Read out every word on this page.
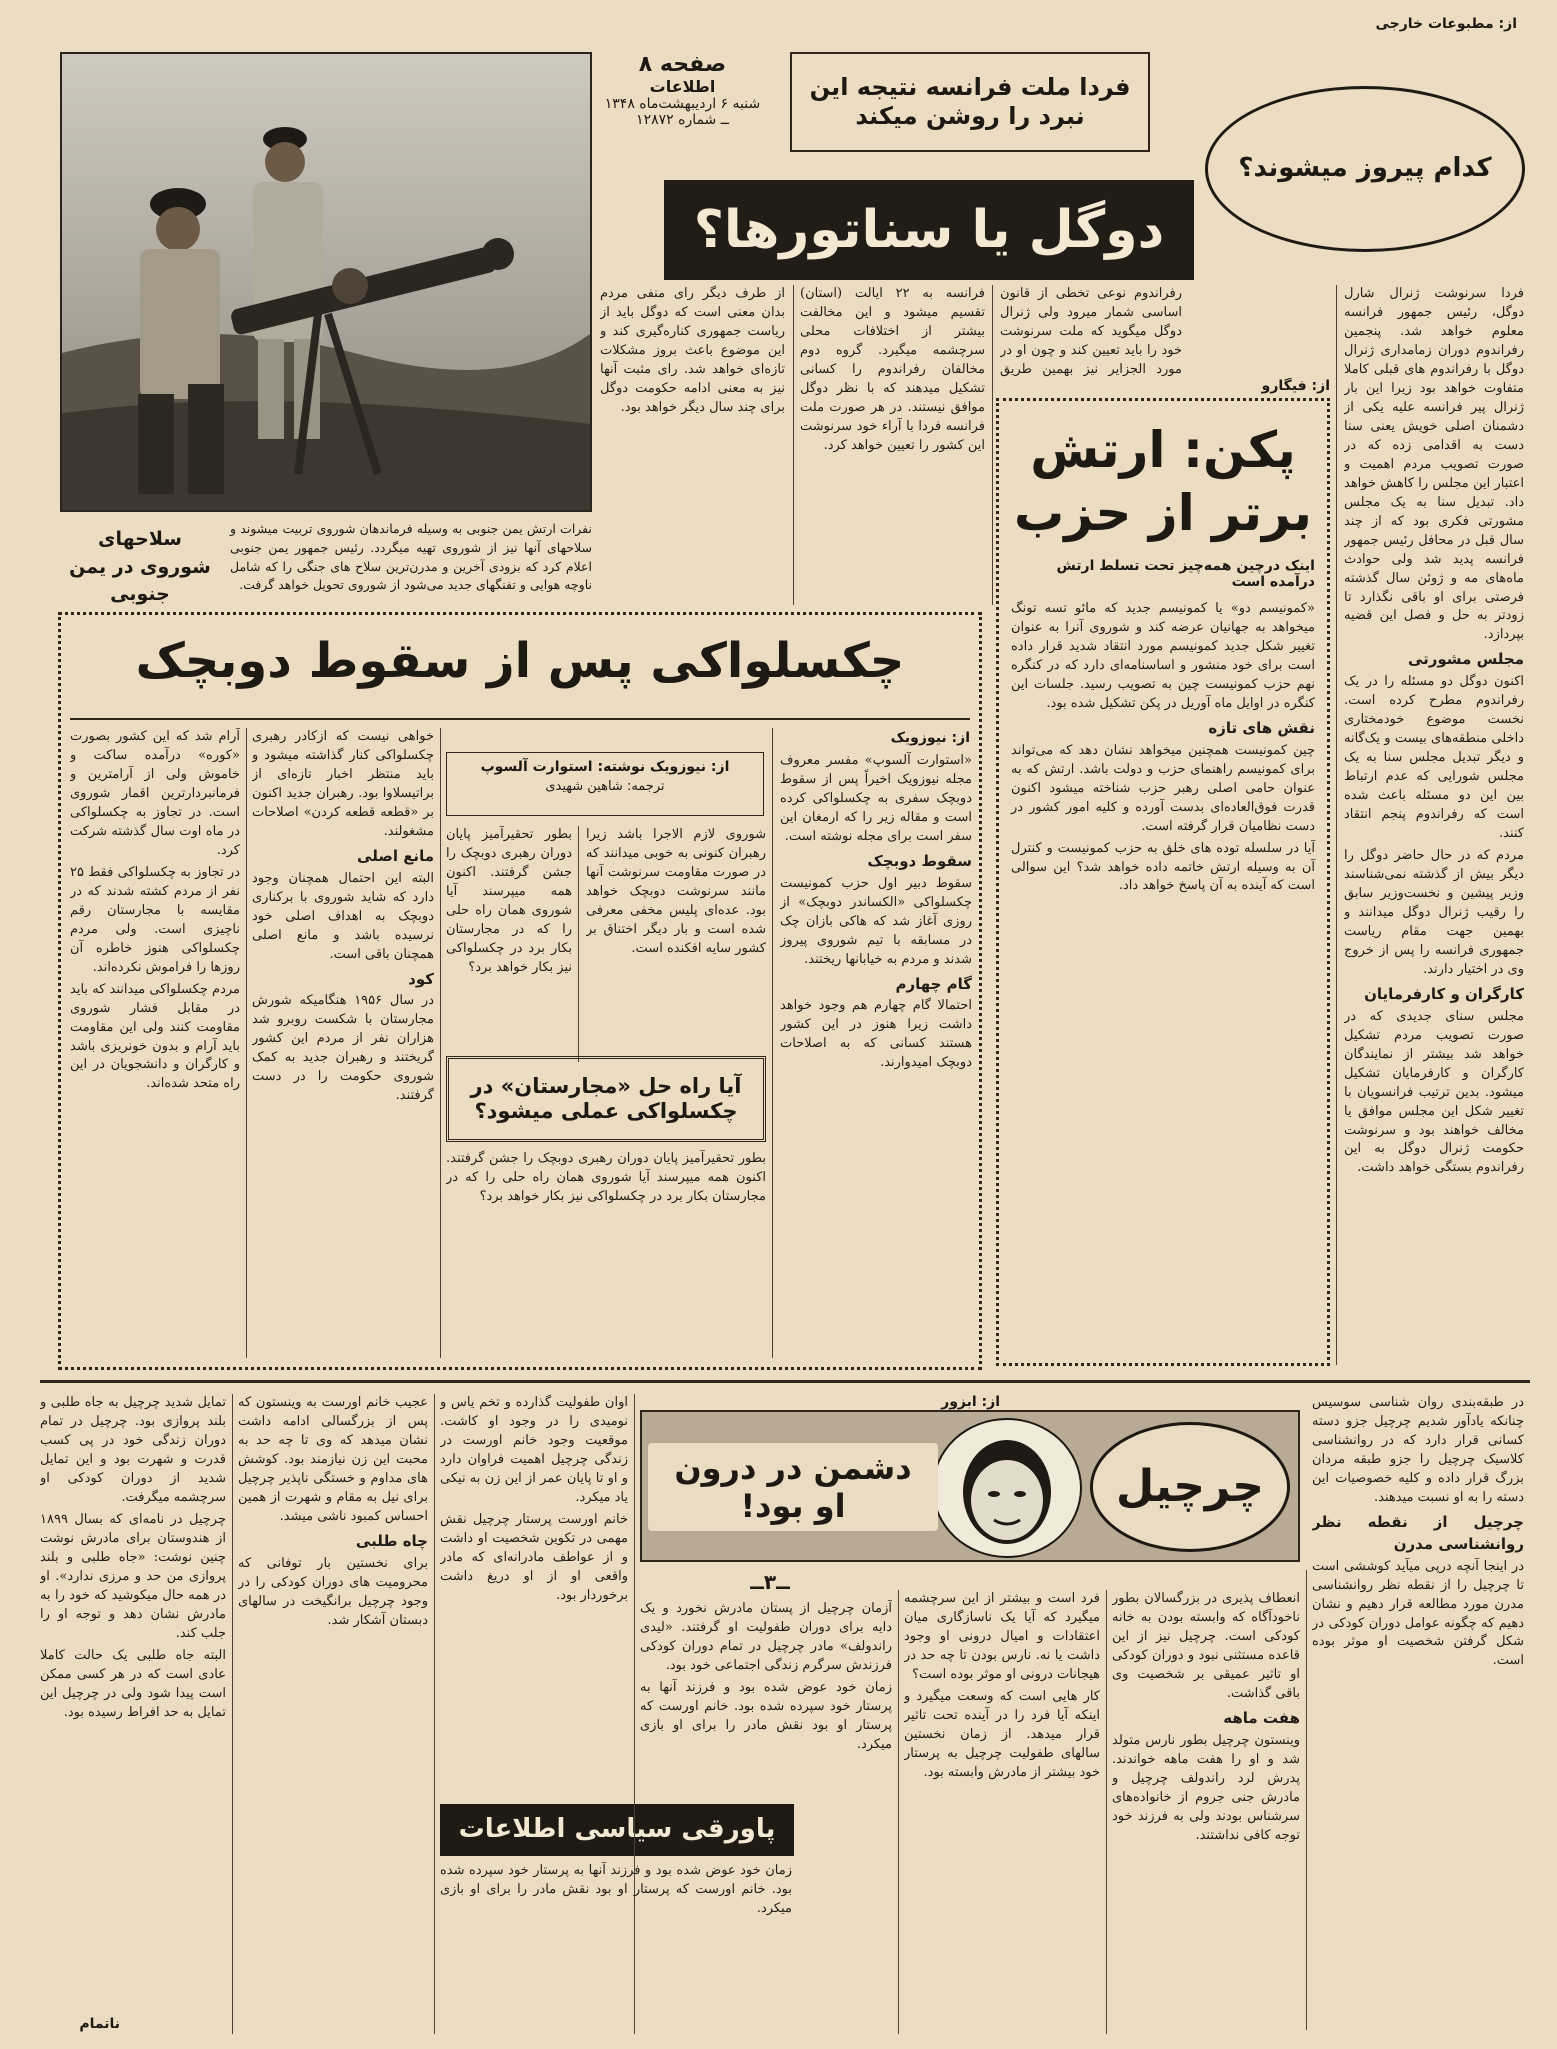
از: مطبوعات خارجی
صفحه ۸
اطلاعات
شنبه ۶ اردیبهشت‌ماه ۱۳۴۸
ــ شماره ۱۲۸۷۲
سلاحهای شوروی در یمن جنوبی
نفرات ارتش یمن جنوبی به وسیله فرماندهان شوروی تربیت میشوند و سلاحهای آنها نیز از شوروی تهیه میگردد. رئیس جمهور یمن جنوبی اعلام کرد که بزودی آخرین و مدرن‌ترین سلاح های جنگی را که شامل ناوچه هوایی و تفنگهای جدید می‌شود از شوروی تحویل خواهد گرفت.
فردا ملت فرانسه نتیجه این نبرد را روشن میکند
کدام پیروز میشوند؟
دوگل یا سناتورها؟

از طرف دیگر رای منفی مردم بدان معنی است که دوگل باید از ریاست جمهوری کناره‌گیری کند و این موضوع باعث بروز مشکلات تازه‌ای خواهد شد. رای مثبت آنها نیز به معنی ادامه حکومت دوگل برای چند سال دیگر خواهد بود.

فرانسه به ۲۲ ایالت (استان) تقسیم میشود و این مخالفت بیشتر از اختلافات محلی سرچشمه میگیرد. گروه دوم مخالفان رفراندوم را کسانی تشکیل میدهند که با نظر دوگل موافق نیستند. در هر صورت ملت فرانسه فردا با آراء خود سرنوشت این کشور را تعیین خواهد کرد.

رفراندوم نوعی تخطی از قانون اساسی شمار میرود ولی ژنرال دوگل میگوید که ملت سرنوشت خود را باید تعیین کند و چون او در مورد الجزایر نیز بهمین طریق

فردا سرنوشت ژنرال شارل دوگل، رئیس جمهور فرانسه معلوم خواهد شد. پنجمین رفراندوم دوران زمامداری ژنرال دوگل با رفراندوم های قبلی کاملا متفاوت خواهد بود زیرا این بار ژنرال پیر فرانسه علیه یکی از دشمنان اصلی خویش یعنی سنا دست به اقدامی زده که در صورت تصویب مردم اهمیت و اعتبار این مجلس را کاهش خواهد داد. تبدیل سنا به یک مجلس مشورتی فکری بود که از چند سال قبل در محافل رئیس جمهور فرانسه پدید شد ولی حوادث ماه‌های مه و ژوئن سال گذشته فرصتی برای او باقی نگذارد تا زودتر به حل و فصل این قضیه بپردازد.

مجلس مشورتی

اکنون دوگل دو مسئله را در یک رفراندوم مطرح کرده است. نخست موضوع خودمختاری داخلی منطقه‌های بیست و یک‌گانه و دیگر تبدیل مجلس سنا به یک مجلس شورایی که عدم ارتباط بین این دو مسئله باعث شده است که رفراندوم پنجم انتقاد کنند.

مردم که در حال حاضر دوگل را دیگر بیش از گذشته نمی‌شناسند وزیر پیشین و نخست‌وزیر سابق را رقیب ژنرال دوگل میدانند و بهمین جهت مقام ریاست جمهوری فرانسه را پس از خروج وی در اختیار دارند.

کارگران و کارفرمایان

مجلس سنای جدیدی که در صورت تصویب مردم تشکیل خواهد شد بیشتر از نمایندگان کارگران و کارفرمایان تشکیل میشود. بدین ترتیب فرانسویان با تغییر شکل این مجلس موافق یا مخالف خواهند بود و سرنوشت حکومت ژنرال دوگل به این رفراندوم بستگی خواهد داشت.

از: فیگارو
پکن: ارتش برتر از حزب
اینک درچین همه‌چیز تحت تسلط ارتش درآمده است

«کمونیسم دو» یا کمونیسم جدید که مائو تسه تونگ میخواهد به جهانیان عرضه کند و شوروی آنرا به عنوان تغییر شکل جدید کمونیسم مورد انتقاد شدید قرار داده است برای خود منشور و اساسنامه‌ای دارد که در کنگره نهم حزب کمونیست چین به تصویب رسید. جلسات این کنگره در اوایل ماه آوریل در پکن تشکیل شده بود.

نقش های تازه

چین کمونیست همچنین میخواهد نشان دهد که می‌تواند برای کمونیسم راهنمای حزب و دولت باشد. ارتش که به عنوان حامی اصلی رهبر حزب شناخته میشود اکنون قدرت فوق‌العاده‌ای بدست آورده و کلیه امور کشور در دست نظامیان قرار گرفته است.

آیا در سلسله توده های خلق به حزب کمونیست و کنترل آن به وسیله ارتش خاتمه داده خواهد شد؟ این سوالی است که آینده به آن پاسخ خواهد داد.

چکسلواکی پس از سقوط دوبچک
از: نیوزویک

«استوارت آلسوپ» مفسر معروف مجله نیوزویک اخیراً پس از سقوط دوبچک سفری به چکسلواکی کرده است و مقاله زیر را که ارمغان این سفر است برای مجله نوشته است.

سقوط دوبچک

سقوط دبیر اول حزب کمونیست چکسلواکی «الکساندر دوبچک» از روزی آغاز شد که هاکی بازان چک در مسابقه با تیم شوروی پیروز شدند و مردم به خیابانها ریختند.

گام چهارم

احتمالا گام چهارم هم وجود خواهد داشت زیرا هنوز در این کشور هستند کسانی که به اصلاحات دوبچک امیدوارند.

از: نیوزویک نوشته: استوارت آلسوپ
ترجمه: شاهین شهیدی

شوروی لازم الاجرا باشد زیرا رهبران کنونی به خوبی میدانند که در صورت مقاومت سرنوشت آنها مانند سرنوشت دوبچک خواهد بود. عده‌ای پلیس مخفی معرفی شده است و بار دیگر اختناق بر کشور سایه افکنده است.

بطور تحقیرآمیز پایان دوران رهبری دوبچک را جشن گرفتند. اکنون همه میپرسند آیا شوروی همان راه حلی را که در مجارستان بکار برد در چکسلواکی نیز بکار خواهد برد؟

آیا راه حل «مجارستان» در چکسلواکی عملی میشود؟

بطور تحقیرآمیز پایان دوران رهبری دوبچک را جشن گرفتند. اکنون همه میپرسند آیا شوروی همان راه حلی را که در مجارستان بکار برد در چکسلواکی نیز بکار خواهد برد؟

خواهی نیست که ازکادر رهبری چکسلواکی کنار گذاشته میشود و باید منتظر اخبار تازه‌ای از براتیسلاوا بود. رهبران جدید اکنون بر «قطعه قطعه کردن» اصلاحات مشغولند.

مانع اصلی

البته این احتمال همچنان وجود دارد که شاید شوروی با برکناری دوبچک به اهداف اصلی خود نرسیده باشد و مانع اصلی همچنان باقی است.

کود

در سال ۱۹۵۶ هنگامیکه شورش مجارستان با شکست روبرو شد هزاران نفر از مردم این کشور گریختند و رهبران جدید به کمک شوروی حکومت را در دست گرفتند.

آرام شد که این کشور بصورت «کوره» درآمده ساکت و خاموش ولی از آرامترین و فرمانبردارترین اقمار شوروی است. در تجاوز به چکسلواکی در ماه اوت سال گذشته شرکت کرد.

در تجاوز به چکسلواکی فقط ۲۵ نفر از مردم کشته شدند که در مقایسه با مجارستان رقم ناچیزی است. ولی مردم چکسلواکی هنوز خاطره آن روزها را فراموش نکرده‌اند.

مردم چکسلواکی میدانند که باید در مقابل فشار شوروی مقاومت کنند ولی این مقاومت باید آرام و بدون خونریزی باشد و کارگران و دانشجویان در این راه متحد شده‌اند.

از: ابزور
چرچیل
دشمن در درون او بود!
ــ۳ــ
پاورقی سیاسی اطلاعات

در طبقه‌بندی روان شناسی سوسیس چنانکه یادآور شدیم چرچیل جزو دسته کسانی قرار دارد که در روانشناسی کلاسیک چرچیل را جزو طبقه مردان بزرگ قرار داده و کلیه خصوصیات این دسته را به او نسبت میدهند.

چرچیل از نقطه نظر روانشناسی مدرن

در اینجا آنچه درپی میآید کوششی است تا چرچیل را از نقطه نظر روانشناسی مدرن مورد مطالعه قرار دهیم و نشان دهیم که چگونه عوامل دوران کودکی در شکل گرفتن شخصیت او موثر بوده است.

انعطاف پذیری در بزرگسالان بطور ناخودآگاه که وابسته بودن به خانه کودکی است. چرچیل نیز از این قاعده مستثنی نبود و دوران کودکی او تاثیر عمیقی بر شخصیت وی باقی گذاشت.

هفت ماهه

وینستون چرچیل بطور نارس متولد شد و او را هفت ماهه خواندند. پدرش لرد راندولف چرچیل و مادرش جنی جروم از خانواده‌های سرشناس بودند ولی به فرزند خود توجه کافی نداشتند.

فرد است و بیشتر از این سرچشمه میگیرد که آیا یک ناسازگاری میان اعتقادات و امیال درونی او وجود داشت یا نه. نارس بودن تا چه حد در هیجانات درونی او موثر بوده است؟

کار هایی است که وسعت میگیرد و اینکه آیا فرد را در آینده تحت تاثیر قرار میدهد. از زمان نخستین سالهای طفولیت چرچیل به پرستار خود بیشتر از مادرش وابسته بود.

آزمان چرچیل از پستان مادرش نخورد و یک دایه برای دوران طفولیت او گرفتند. «لیدی راندولف» مادر چرچیل در تمام دوران کودکی فرزندش سرگرم زندگی اجتماعی خود بود.

زمان خود عوض شده بود و فرزند آنها به پرستار خود سپرده شده بود. خانم اورست که پرستار او بود نقش مادر را برای او بازی میکرد.

اوان طفولیت گذارده و تخم یاس و نومیدی را در وجود او کاشت. موقعیت وجود خانم اورست در زندگی چرچیل اهمیت فراوان دارد و او تا پایان عمر از این زن به نیکی یاد میکرد.

خانم اورست پرستار چرچیل نقش مهمی در تکوین شخصیت او داشت و از عواطف مادرانه‌ای که مادر واقعی او از او دریغ داشت برخوردار بود.

زمان خود عوض شده بود و فرزند آنها به پرستار خود سپرده شده بود. خانم اورست که پرستار او بود نقش مادر را برای او بازی میکرد.

عجیب خانم اورست به وینستون که پس از بزرگسالی ادامه داشت نشان میدهد که وی تا چه حد به محبت این زن نیازمند بود. کوشش های مداوم و خستگی ناپذیر چرچیل برای نیل به مقام و شهرت از همین احساس کمبود ناشی میشد.

چاه طلبی

برای نخستین بار توفانی که محرومیت های دوران کودکی را در وجود چرچیل برانگیخت در سالهای دبستان آشکار شد.

تمایل شدید چرچیل به جاه طلبی و بلند پروازی بود. چرچیل در تمام دوران زندگی خود در پی کسب قدرت و شهرت بود و این تمایل شدید از دوران کودکی او سرچشمه میگرفت.

چرچیل در نامه‌ای که بسال ۱۸۹۹ از هندوستان برای مادرش نوشت چنین نوشت: «جاه طلبی و بلند پروازی من حد و مرزی ندارد». او در همه حال میکوشید که خود را به مادرش نشان دهد و توجه او را جلب کند.

البته جاه طلبی یک حالت کاملا عادی است که در هر کسی ممکن است پیدا شود ولی در چرچیل این تمایل به حد افراط رسیده بود.

ناتمام
